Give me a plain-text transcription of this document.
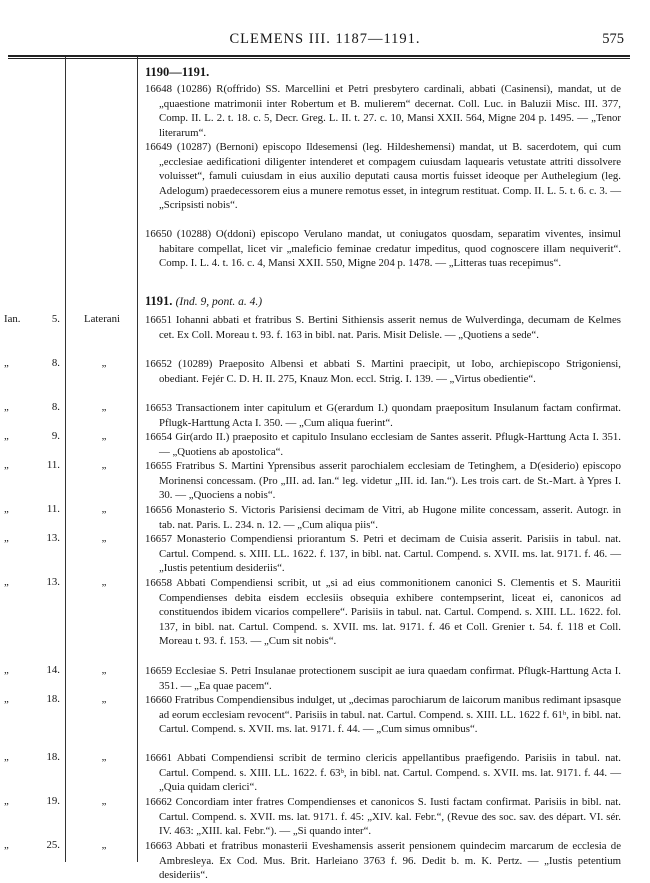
CLEMENS III. 1187—1191.	575
1190—1191.

16648 (10286) R(offrido) SS. Marcellini et Petri presbytero cardinali, abbati (Casinensi), mandat, ut de „quaestione matrimonii inter Robertum et B. mulierem“ decernat. Coll. Luc. in Baluzii Misc. III. 377, Comp. II. L. 2. t. 18. c. 5, Decr. Greg. L. II. t. 27. c. 10, Mansi XXII. 564, Migne 204 p. 1495. — „Tenor literarum“.

16649 (10287) (Bernoni) episcopo Ildesemensi (leg. Hildeshemensi) mandat, ut B. sacerdotem, qui cum „ecclesiae aedificationi diligenter intenderet et compagem cuiusdam laquearis vetustate attriti dissolvere voluisset“, famuli cuiusdam in eius auxilio deputati causa mortis fuisset ideoque per Authelegium (leg. Adelogum) praedecessorem eius a munere remotus esset, in integrum restituat. Comp. II. L. 5. t. 6. c. 3. — „Scripsisti nobis“.

16650 (10288) O(ddoni) episcopo Verulano mandat, ut coniugatos quosdam, separatim viventes, insimul habitare compellat, licet vir „maleficio feminae credatur impeditus, quod cognoscere illam nequiverit“. Comp. I. L. 4. t. 16. c. 4, Mansi XXII. 550, Migne 204 p. 1478. — „Litteras tuas recepimus“.

1191. (Ind. 9, pont. a. 4.)
Ian.	5.	Laterani	16651 Iohanni abbati et fratribus S. Bertini Sithiensis asserit nemus de Wulverdinga, decumam de Kelmes cet. Ex Coll. Moreau t. 93. f. 163 in bibl. nat. Paris. Misit Delisle. — „Quotiens a sede“.

„	8.	„	16652 (10289) Praeposito Albensi et abbati S. Martini praecipit, ut Iobo, archiepiscopo Strigoniensi, obediant. Fejér C. D. H. II. 275, Knauz Mon. eccl. Strig. I. 139. — „Virtus obedientie“.

„	8.	„	16653 Transactionem inter capitulum et G(erardum I.) quondam praepositum Insulanum factam confirmat. Pflugk-Harttung Acta I. 350. — „Cum aliqua fuerint“.

„	9.	„	16654 Gir(ardo II.) praeposito et capitulo Insulano ecclesiam de Santes asserit. Pflugk-Harttung Acta I. 351. — „Quotiens ab apostolica“.

„	11.	„	16655 Fratribus S. Martini Yprensibus asserit parochialem ecclesiam de Tetinghem, a D(esiderio) episcopo Morinensi concessam. (Pro „III. ad. Ian.“ leg. videtur „III. id. Ian.“). Les trois cart. de St.-Mart. à Ypres I. 30. — „Quociens a nobis“.

„	11.	„	16656 Monasterio S. Victoris Parisiensi decimam de Vitri, ab Hugone milite concessam, asserit. Autogr. in tab. nat. Paris. L. 234. n. 12. — „Cum aliqua piis“.

„	13.	„	16657 Monasterio Compendiensi priorantum S. Petri et decimam de Cuisia asserit. Parisiis in tabul. nat. Cartul. Compend. s. XIII. LL. 1622. f. 137, in bibl. nat. Cartul. Compend. s. XVII. ms. lat. 9171. f. 46. — „Iustis petentium desideriis“.

„	13.	„	16658 Abbati Compendiensi scribit, ut „si ad eius commonitionem canonici S. Clementis et S. Mauritii Compendienses debita eisdem ecclesiis obsequia exhibere contempserint, liceat ei, canonicos ad constituendos ibidem vicarios compellere“. Parisiis in tabul. nat. Cartul. Compend. s. XIII. LL. 1622. fol. 137, in bibl. nat. Cartul. Compend. s. XVII. ms. lat. 9171. f. 46 et Coll. Grenier t. 54. f. 118 et Coll. Moreau t. 93. f. 153. — „Cum sit nobis“.

„	14.	„	16659 Ecclesiae S. Petri Insulanae protectionem suscipit ae iura quaedam confirmat. Pflugk-Harttung Acta I. 351. — „Ea quae pacem“.

„	18.	„	16660 Fratribus Compendiensibus indulget, ut „decimas parochiarum de laicorum manibus redimant ipsasque ad eorum ecclesiam revocent“. Parisiis in tabul. nat. Cartul. Compend. s. XIII. LL. 1622 f. 61ᵇ, in bibl. nat. Cartul. Compend. s. XVII. ms. lat. 9171. f. 44. — „Cum simus omnibus“.

„	18.	„	16661 Abbati Compendiensi scribit de termino clericis appellantibus praefigendo. Parisiis in tabul. nat. Cartul. Compend. s. XIII. LL. 1622. f. 63ᵇ, in bibl. nat. Cartul. Compend. s. XVII. ms. lat. 9171. f. 44. — „Quia quidam clerici“.

„	19.	„	16662 Concordiam inter fratres Compendienses et canonicos S. Iusti factam confirmat. Parisiis in bibl. nat. Cartul. Compend. s. XVII. ms. lat. 9171. f. 45: „XIV. kal. Febr.“, (Revue des soc. sav. des départ. VI. sér. IV. 463: „XIII. kal. Febr.“). — „Si quando inter“.

„	25.	„	16663 Abbati et fratribus monasterii Eveshamensis asserit pensionem quindecim marcarum de ecclesia de Ambresleya. Ex Cod. Mus. Brit. Harleiano 3763 f. 96. Dedit b. m. K. Pertz. — „Iustis petentium desideriis“.
